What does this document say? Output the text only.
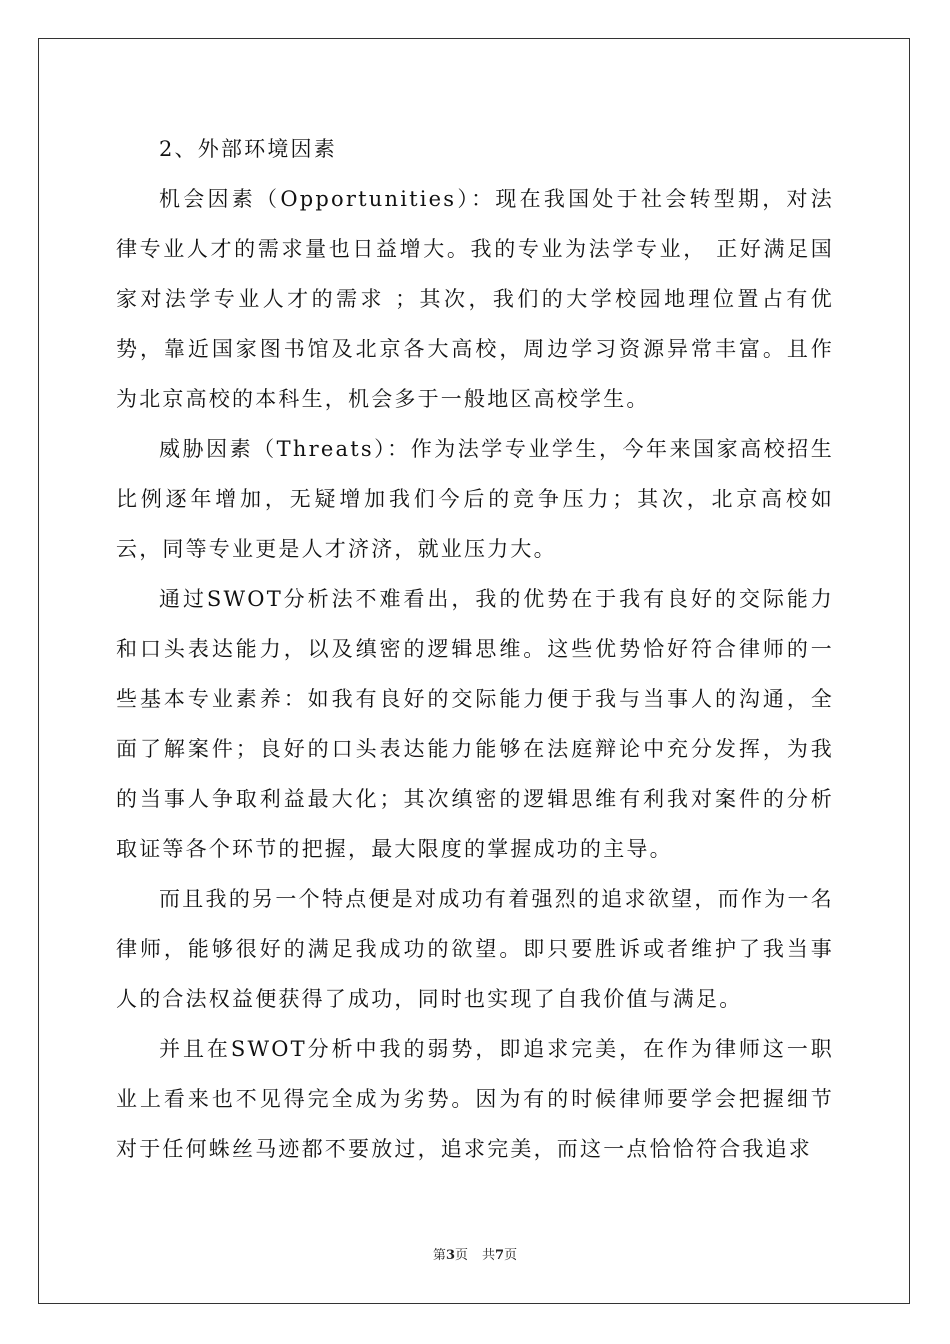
2、外部环境因素

机会因素（Opportunities）：现在我国处于社会转型期，对法律专业人才的需求量也日益增大。我的专业为法学专业， 正好满足国家对法学专业人才的需求 ；其次，我们的大学校园地理位置占有优势，靠近国家图书馆及北京各大高校，周边学习资源异常丰富。且作为北京高校的本科生，机会多于一般地区高校学生。

威胁因素（Threats）：作为法学专业学生，今年来国家高校招生比例逐年增加，无疑增加我们今后的竞争压力；其次，北京高校如云，同等专业更是人才济济，就业压力大。

通过SWOT分析法不难看出，我的优势在于我有良好的交际能力和口头表达能力，以及缜密的逻辑思维。这些优势恰好符合律师的一些基本专业素养：如我有良好的交际能力便于我与当事人的沟通，全面了解案件；良好的口头表达能力能够在法庭辩论中充分发挥，为我的当事人争取利益最大化；其次缜密的逻辑思维有利我对案件的分析取证等各个环节的把握，最大限度的掌握成功的主导。

而且我的另一个特点便是对成功有着强烈的追求欲望，而作为一名律师，能够很好的满足我成功的欲望。即只要胜诉或者维护了我当事人的合法权益便获得了成功，同时也实现了自我价值与满足。

并且在SWOT分析中我的弱势，即追求完美，在作为律师这一职业上看来也不见得完全成为劣势。因为有的时候律师要学会把握细节对于任何蛛丝马迹都不要放过，追求完美，而这一点恰恰符合我追求

第3页 共7页
